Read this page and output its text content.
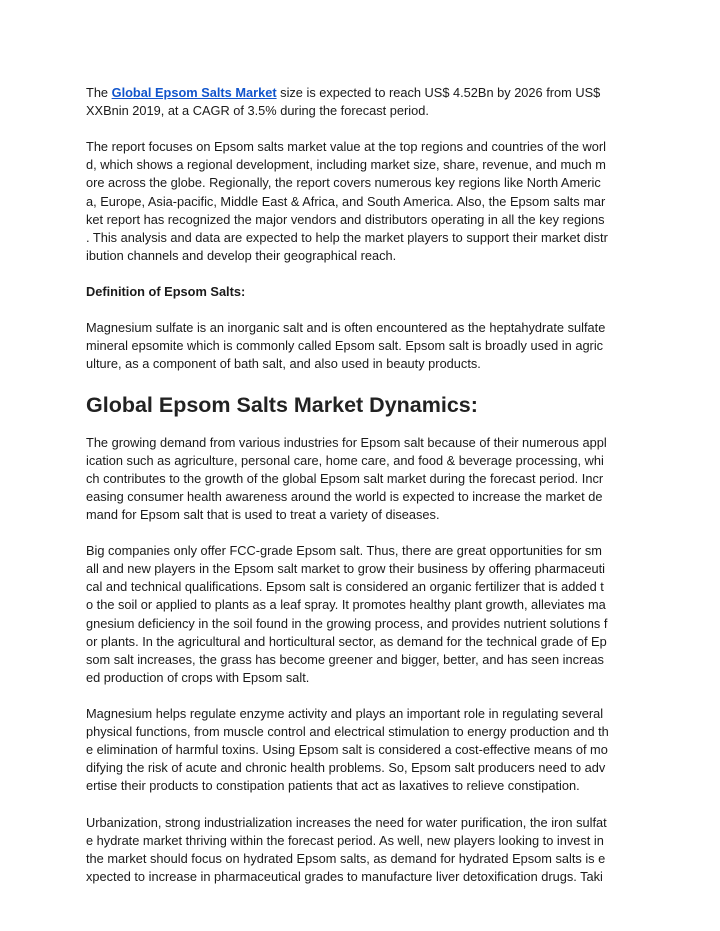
The Global Epsom Salts Market size is expected to reach US$ 4.52Bn by 2026 from US$
XXBnin 2019, at a CAGR of 3.5% during the forecast period.
The report focuses on Epsom salts market value at the top regions and countries of the worl
d, which shows a regional development, including market size, share, revenue, and much m
ore across the globe. Regionally, the report covers numerous key regions like North Americ
a, Europe, Asia-pacific, Middle East & Africa, and South America. Also, the Epsom salts mar
ket report has recognized the major vendors and distributors operating in all the key regions
. This analysis and data are expected to help the market players to support their market distr
ibution channels and develop their geographical reach.
Definition of Epsom Salts:
Magnesium sulfate is an inorganic salt and is often encountered as the heptahydrate sulfate
mineral epsomite which is commonly called Epsom salt. Epsom salt is broadly used in agric
ulture, as a component of bath salt, and also used in beauty products.
Global Epsom Salts Market Dynamics:
The growing demand from various industries for Epsom salt because of their numerous appl
ication such as agriculture, personal care, home care, and food & beverage processing, whi
ch contributes to the growth of the global Epsom salt market during the forecast period. Incr
easing consumer health awareness around the world is expected to increase the market de
mand for Epsom salt that is used to treat a variety of diseases.
Big companies only offer FCC-grade Epsom salt. Thus, there are great opportunities for sm
all and new players in the Epsom salt market to grow their business by offering pharmaceuti
cal and technical qualifications. Epsom salt is considered an organic fertilizer that is added t
o the soil or applied to plants as a leaf spray. It promotes healthy plant growth, alleviates ma
gnesium deficiency in the soil found in the growing process, and provides nutrient solutions f
or plants. In the agricultural and horticultural sector, as demand for the technical grade of Ep
som salt increases, the grass has become greener and bigger, better, and has seen increas
ed production of crops with Epsom salt.
Magnesium helps regulate enzyme activity and plays an important role in regulating several
physical functions, from muscle control and electrical stimulation to energy production and th
e elimination of harmful toxins. Using Epsom salt is considered a cost-effective means of mo
difying the risk of acute and chronic health problems. So, Epsom salt producers need to adv
ertise their products to constipation patients that act as laxatives to relieve constipation.
Urbanization, strong industrialization increases the need for water purification, the iron sulfat
e hydrate market thriving within the forecast period. As well, new players looking to invest in
the market should focus on hydrated Epsom salts, as demand for hydrated Epsom salts is e
xpected to increase in pharmaceutical grades to manufacture liver detoxification drugs. Taki
